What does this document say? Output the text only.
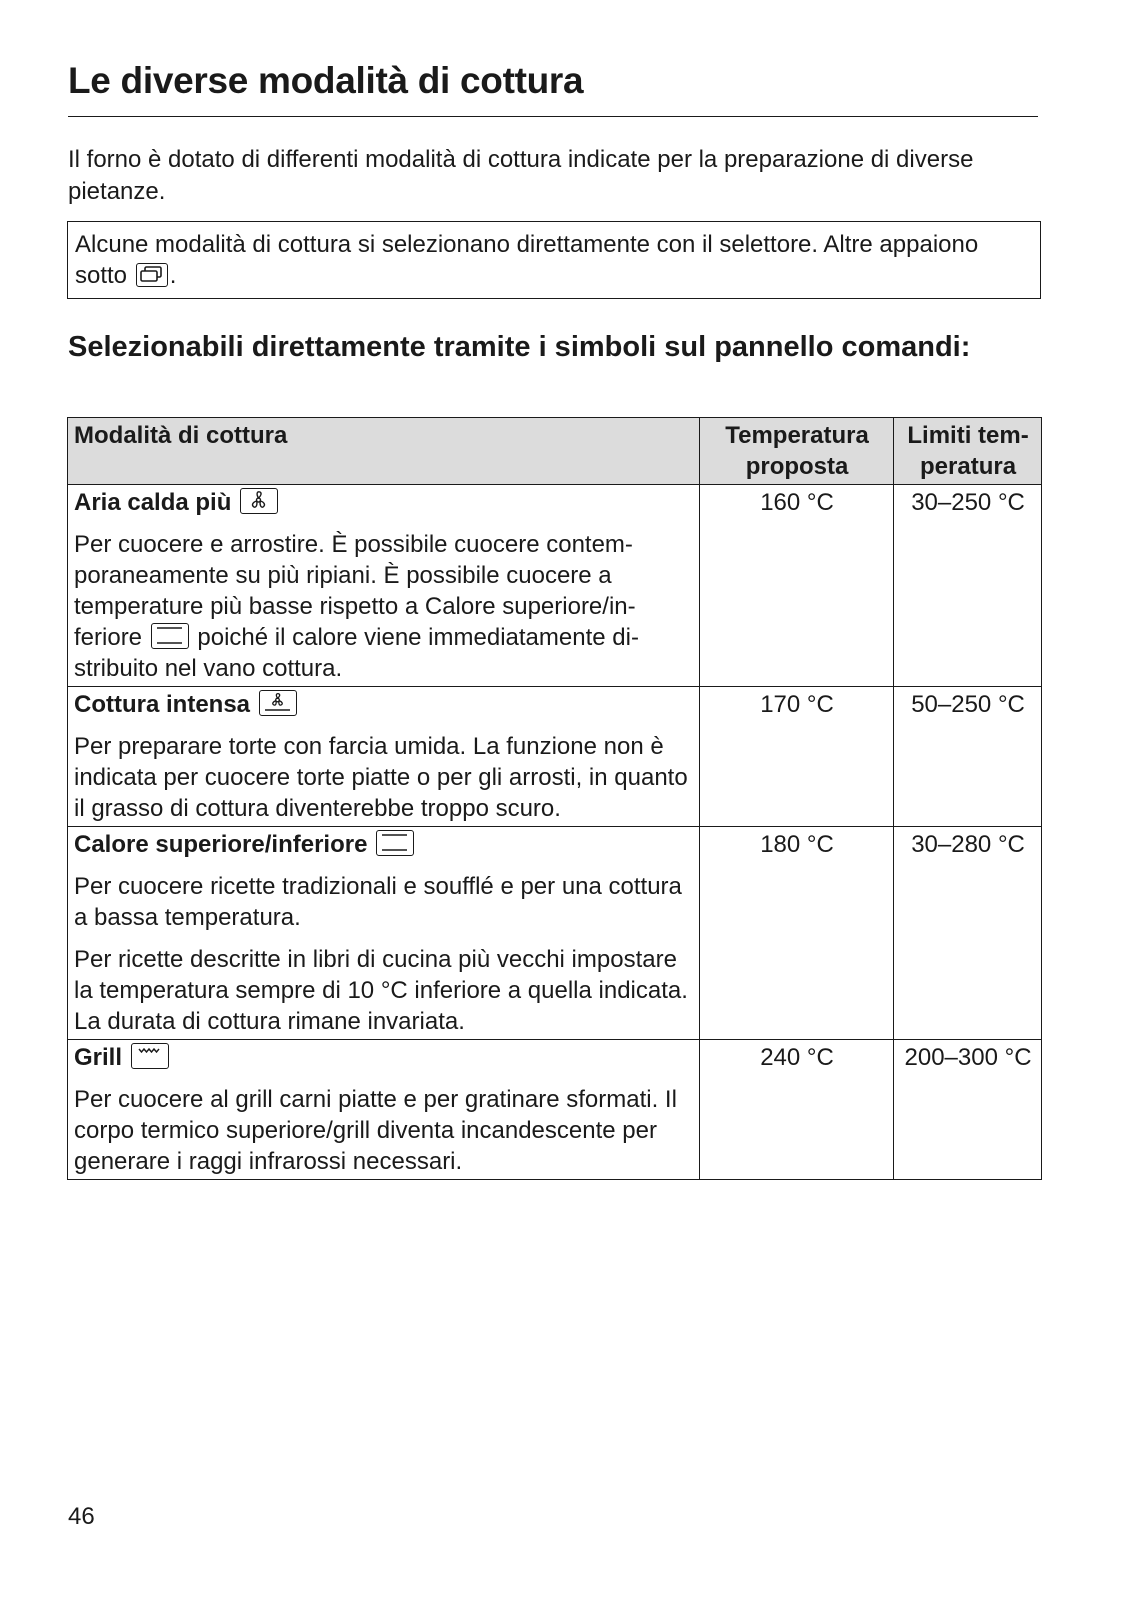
Le diverse modalità di cottura
Il forno è dotato di differenti modalità di cottura indicate per la preparazione di diverse pietanze.
Alcune modalità di cottura si selezionano direttamente con il selettore. Altre appaiono sotto .
Selezionabili direttamente tramite i simboli sul pannello comandi:
Modalità di cottura	Temperatura proposta	Limiti temperatura

Aria calda più
Per cuocere e arrostire. È possibile cuocere contemporaneamente su più ripiani. È possibile cuocere a temperature più basse rispetto a Calore superiore/inferiore poiché il calore viene immediatamente distribuito nel vano cottura.	160 °C	30–250 °C

Cottura intensa
Per preparare torte con farcia umida. La funzione non è indicata per cuocere torte piatte o per gli arrosti, in quanto il grasso di cottura diventerebbe troppo scuro.	170 °C	50–250 °C

Calore superiore/inferiore
Per cuocere ricette tradizionali e soufflé e per una cottura a bassa temperatura.
Per ricette descritte in libri di cucina più vecchi impostare la temperatura sempre di 10 °C inferiore a quella indicata. La durata di cottura rimane invariata.	180 °C	30–280 °C

Grill
Per cuocere al grill carni piatte e per gratinare sformati. Il corpo termico superiore/grill diventa incandescente per generare i raggi infrarossi necessari.	240 °C	200–300 °C
46
